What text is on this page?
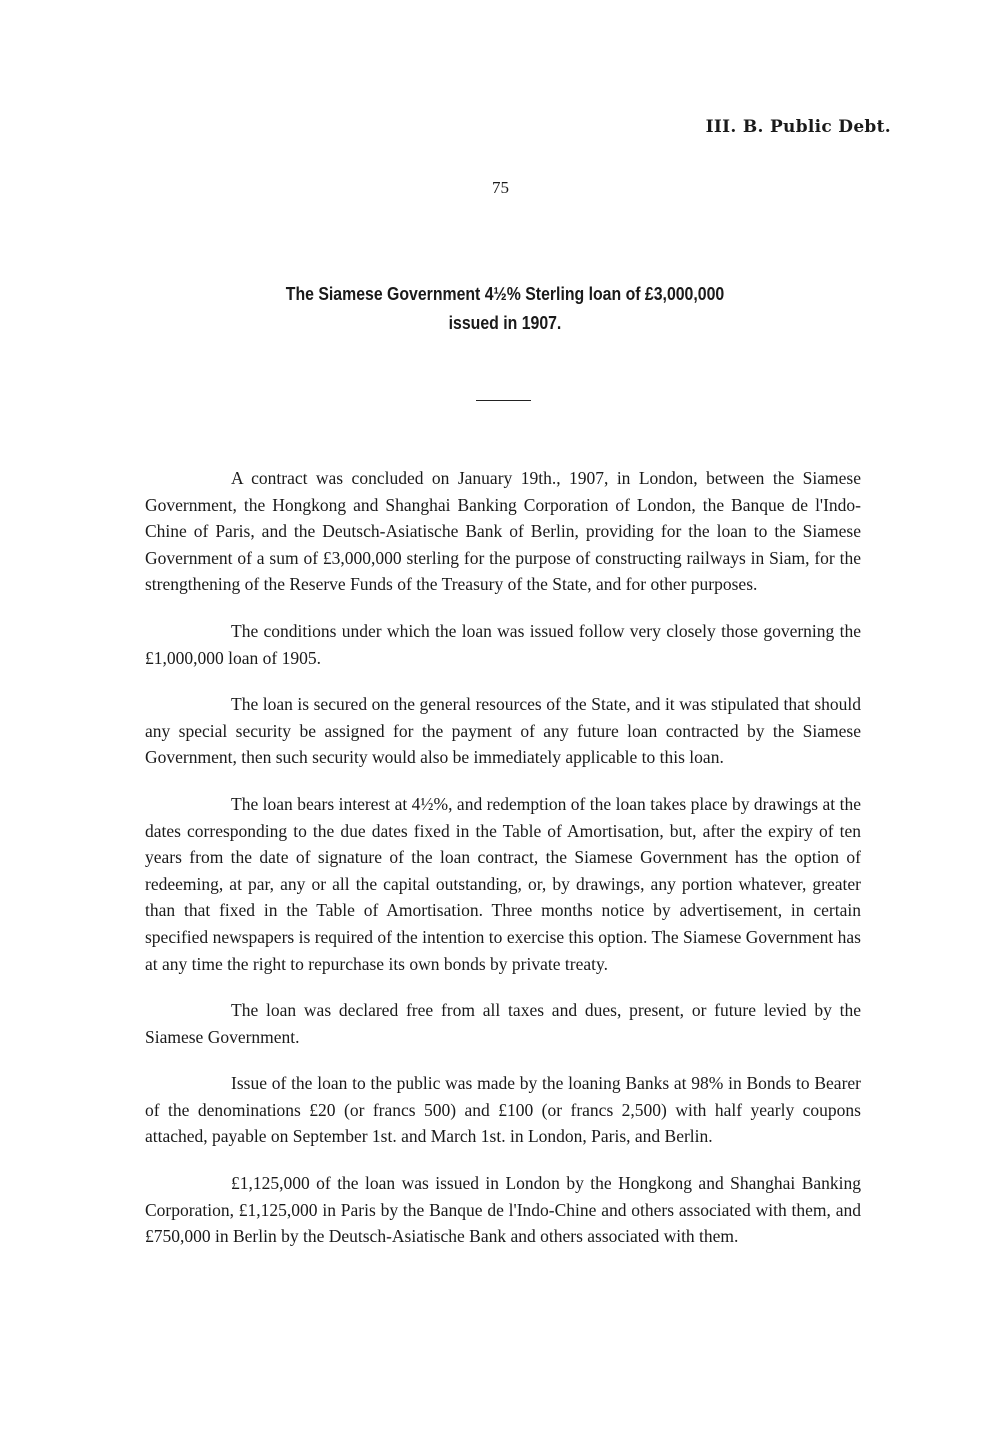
III. B. Public Debt.
75
The Siamese Government 4½% Sterling loan of £3,000,000
issued in 1907.

A contract was concluded on January 19th., 1907, in London, between the Siamese Government, the Hongkong and Shanghai Banking Corporation of London, the Banque de l'Indo-Chine of Paris, and the Deutsch-Asiatische Bank of Berlin, providing for the loan to the Siamese Government of a sum of £3,000,000 sterling for the purpose of constructing railways in Siam, for the strengthening of the Reserve Funds of the Treasury of the State, and for other purposes.

The conditions under which the loan was issued follow very closely those governing the £1,000,000 loan of 1905.

The loan is secured on the general resources of the State, and it was stipulated that should any special security be assigned for the payment of any future loan contracted by the Siamese Government, then such security would also be immediately applicable to this loan.

The loan bears interest at 4½%, and redemption of the loan takes place by drawings at the dates corresponding to the due dates fixed in the Table of Amortisation, but, after the expiry of ten years from the date of signature of the loan contract, the Siamese Government has the option of redeeming, at par, any or all the capital outstanding, or, by drawings, any portion whatever, greater than that fixed in the Table of Amortisation. Three months notice by advertisement, in certain specified newspapers is required of the intention to exercise this option. The Siamese Government has at any time the right to repurchase its own bonds by private treaty.

The loan was declared free from all taxes and dues, present, or future levied by the Siamese Government.

Issue of the loan to the public was made by the loaning Banks at 98% in Bonds to Bearer of the denominations £20 (or francs 500) and £100 (or francs 2,500) with half yearly coupons attached, payable on September 1st. and March 1st. in London, Paris, and Berlin.

£1,125,000 of the loan was issued in London by the Hongkong and Shanghai Banking Corporation, £1,125,000 in Paris by the Banque de l'Indo-Chine and others associated with them, and £750,000 in Berlin by the Deutsch-Asiatische Bank and others associated with them.
